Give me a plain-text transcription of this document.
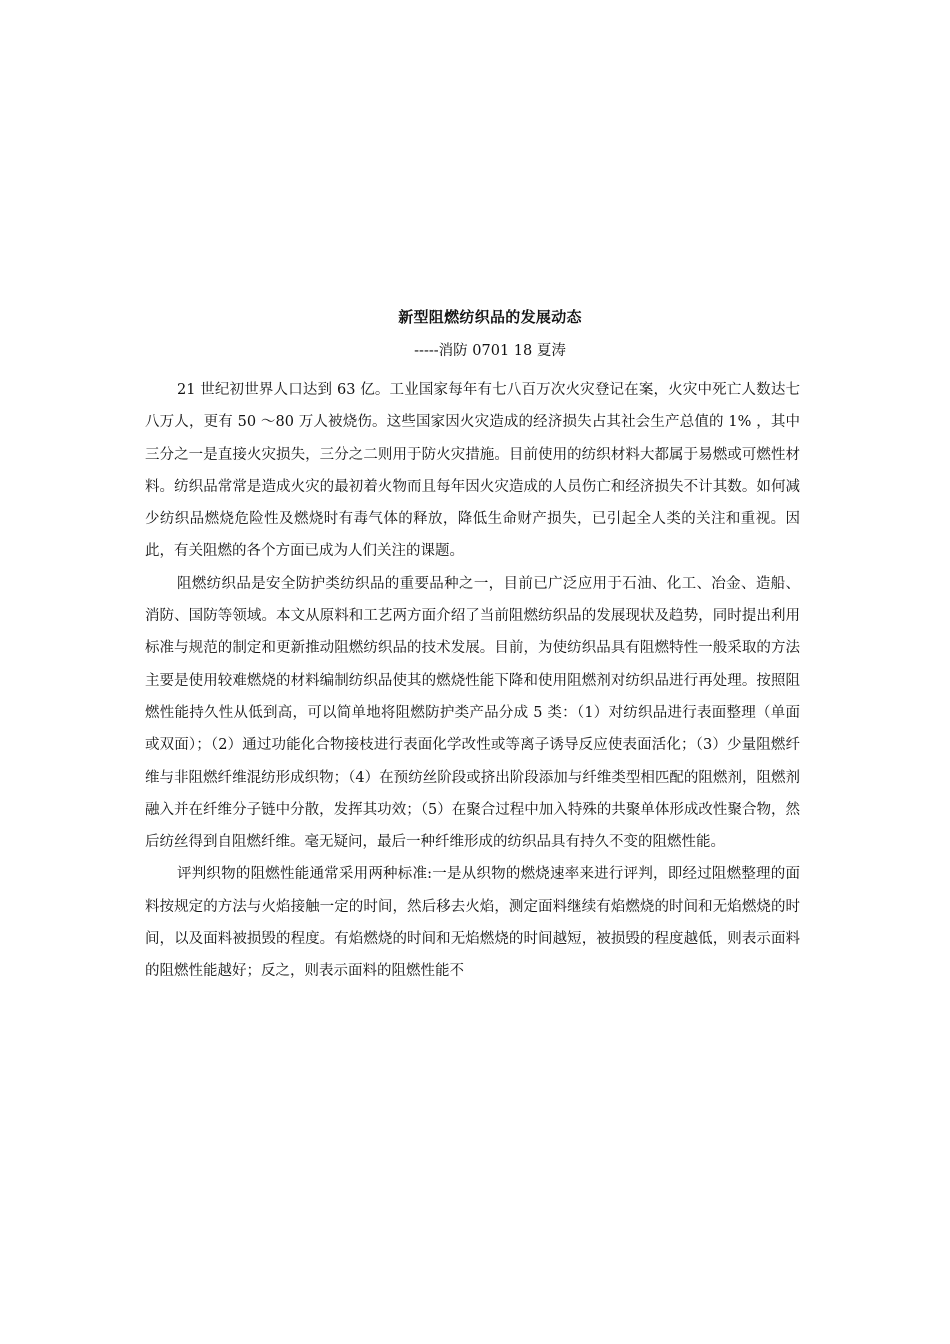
新型阻燃纺织品的发展动态
-----消防 0701 18 夏涛

21 世纪初世界人口达到 63 亿。工业国家每年有七八百万次火灾登记在案，火灾中死亡人数达七八万人，更有 50 ～80 万人被烧伤。这些国家因火灾造成的经济损失占其社会生产总值的 1% ，其中三分之一是直接火灾损失，三分之二则用于防火灾措施。目前使用的纺织材料大都属于易燃或可燃性材料。纺织品常常是造成火灾的最初着火物而且每年因火灾造成的人员伤亡和经济损失不计其数。如何减少纺织品燃烧危险性及燃烧时有毒气体的释放，降低生命财产损失，已引起全人类的关注和重视。因此，有关阻燃的各个方面已成为人们关注的课题。

阻燃纺织品是安全防护类纺织品的重要品种之一，目前已广泛应用于石油、化工、冶金、造船、消防、国防等领域。本文从原料和工艺两方面介绍了当前阻燃纺织品的发展现状及趋势，同时提出利用标准与规范的制定和更新推动阻燃纺织品的技术发展。目前，为使纺织品具有阻燃特性一般采取的方法主要是使用较难燃烧的材料编制纺织品使其的燃烧性能下降和使用阻燃剂对纺织品进行再处理。按照阻燃性能持久性从低到高，可以简单地将阻燃防护类产品分成 5 类：（1）对纺织品进行表面整理（单面或双面）；（2）通过功能化合物接枝进行表面化学改性或等离子诱导反应使表面活化；（3）少量阻燃纤维与非阻燃纤维混纺形成织物；（4）在预纺丝阶段或挤出阶段添加与纤维类型相匹配的阻燃剂，阻燃剂融入并在纤维分子链中分散，发挥其功效；（5）在聚合过程中加入特殊的共聚单体形成改性聚合物，然后纺丝得到自阻燃纤维。毫无疑问，最后一种纤维形成的纺织品具有持久不变的阻燃性能。

评判织物的阻燃性能通常采用两种标准:一是从织物的燃烧速率来进行评判，即经过阻燃整理的面料按规定的方法与火焰接触一定的时间，然后移去火焰，测定面料继续有焰燃烧的时间和无焰燃烧的时间，以及面料被损毁的程度。有焰燃烧的时间和无焰燃烧的时间越短，被损毁的程度越低，则表示面料的阻燃性能越好；反之，则表示面料的阻燃性能不
